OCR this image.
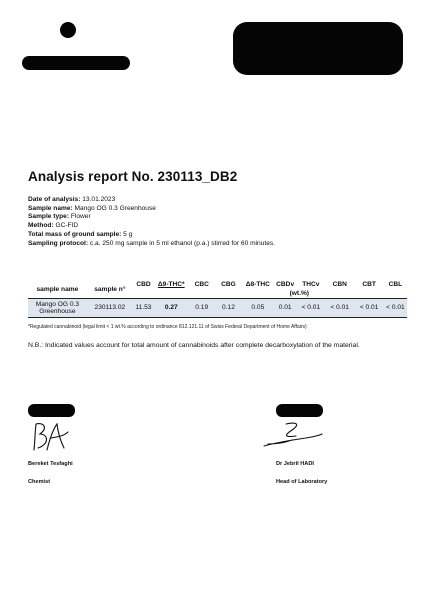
Analysis report No. 230113_DB2
Date of analysis: 13.01.2023
Sample name: Mango OG 0.3 Greenhouse
Sample type: Flower
Method: GC-FID
Total mass of ground sample: 5 g
Sampling protocol: c.a. 250 mg sample in 5 ml ethanol (p.a.) stirred for 60 minutes.
sample name	sample n°	CBD	Δ9-THC*	CBC	CBG	Δ8-THC	CBDv	THCv	CBN	CBT	CBL
							(wt.%)				

Mango OG 0.3
Greenhouse	230113.02	11.53	0.27	0.19	0.12	0.05	0.01	< 0.01	< 0.01	< 0.01	< 0.01
*Regulated cannabinoid (legal limit < 1 wt.% according to ordinance 812.121.11 of Swiss Federal Department of Home Affairs)
N.B.: Indicated values account for total amount of cannabinoids after complete decarboxylation of the material.
Bereket Tesfaghi
Chemist
Dr Jebril HADI
Head of Laboratory
